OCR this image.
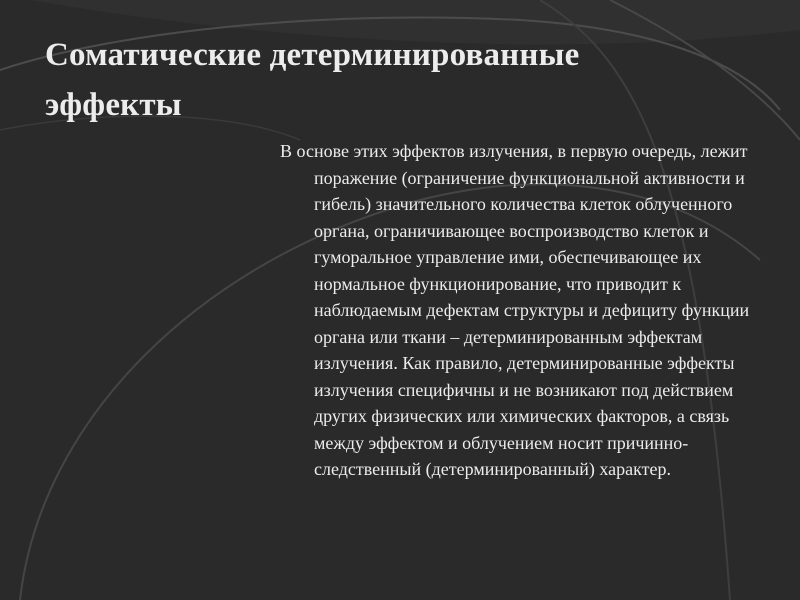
Соматические детерминированные
эффекты
В основе этих эффектов излучения, в первую очередь, лежит поражение (ограничение функциональной активности и гибель) значительного количества клеток облученного органа, ограничивающее воспроизводство клеток и гуморальное управление ими, обеспечивающее их нормальное функционирование, что приводит к наблюдаемым дефектам структуры и дефициту функции органа или ткани – детерминированным эффектам излучения. Как правило, детерминированные эффекты излучения специфичны и не возникают под действием других физических или химических факторов, а связь между эффектом и облучением носит причинно-следственный (детерминированный) характер.
